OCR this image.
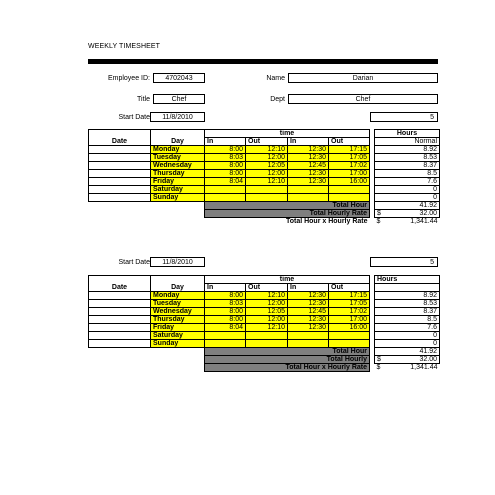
WEEKLY TIMESHEET
Employee ID:	4702043	Name	Darian
Title	Chef	Dept	Chef
Start Date	11/8/2010	5
		time					Hours
Date	Day	In	Out	In	Out		Normal
	Monday	8:00	12:10	12:30	17:15		8.92
	Tuesday	8:03	12:00	12:30	17:05		8.53
	Wednesday	8:00	12:05	12:45	17:02		8.37
	Thursday	8:00	12:00	12:30	17:00		8.5
	Friday	8:04	12:10	12:30	16:00		7.6
	Saturday						0
	Sunday						0
		Total Hour					41.92
		Total Hourly Rate					$ 32.00

		Total Hour x Hourly Rate					$ 1,341.44
Start Date	11/8/2010	5
		time					Hours
Date	Day	In	Out	In	Out		
	Monday	8:00	12:10	12:30	17:15		8.92
	Tuesday	8:03	12:00	12:30	17:05		8.53
	Wednesday	8:00	12:05	12:45	17:02		8.37
	Thursday	8:00	12:00	12:30	17:00		8.5
	Friday	8:04	12:10	12:30	16:00		7.6
	Saturday						0
	Sunday						0
		Total Hour					41.92
		Total Hourly					$ 32.00

		Total Hour x Hourly Rate					$ 1,341.44
